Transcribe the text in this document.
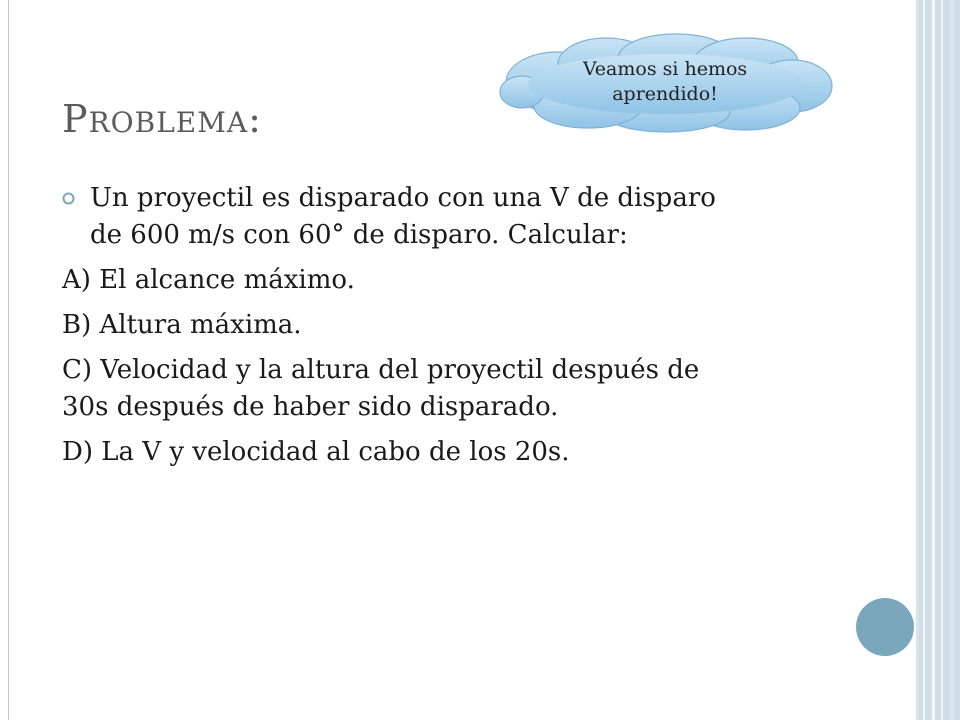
Veamos si hemos
aprendido!
PROBLEMA:
Un proyectil es disparado con una V de disparo
de 600 m/s con 60° de disparo. Calcular:
A) El alcance máximo.
B) Altura máxima.
C) Velocidad y la altura del proyectil después de
30s después de haber sido disparado.
D) La V y velocidad al cabo de los 20s.
